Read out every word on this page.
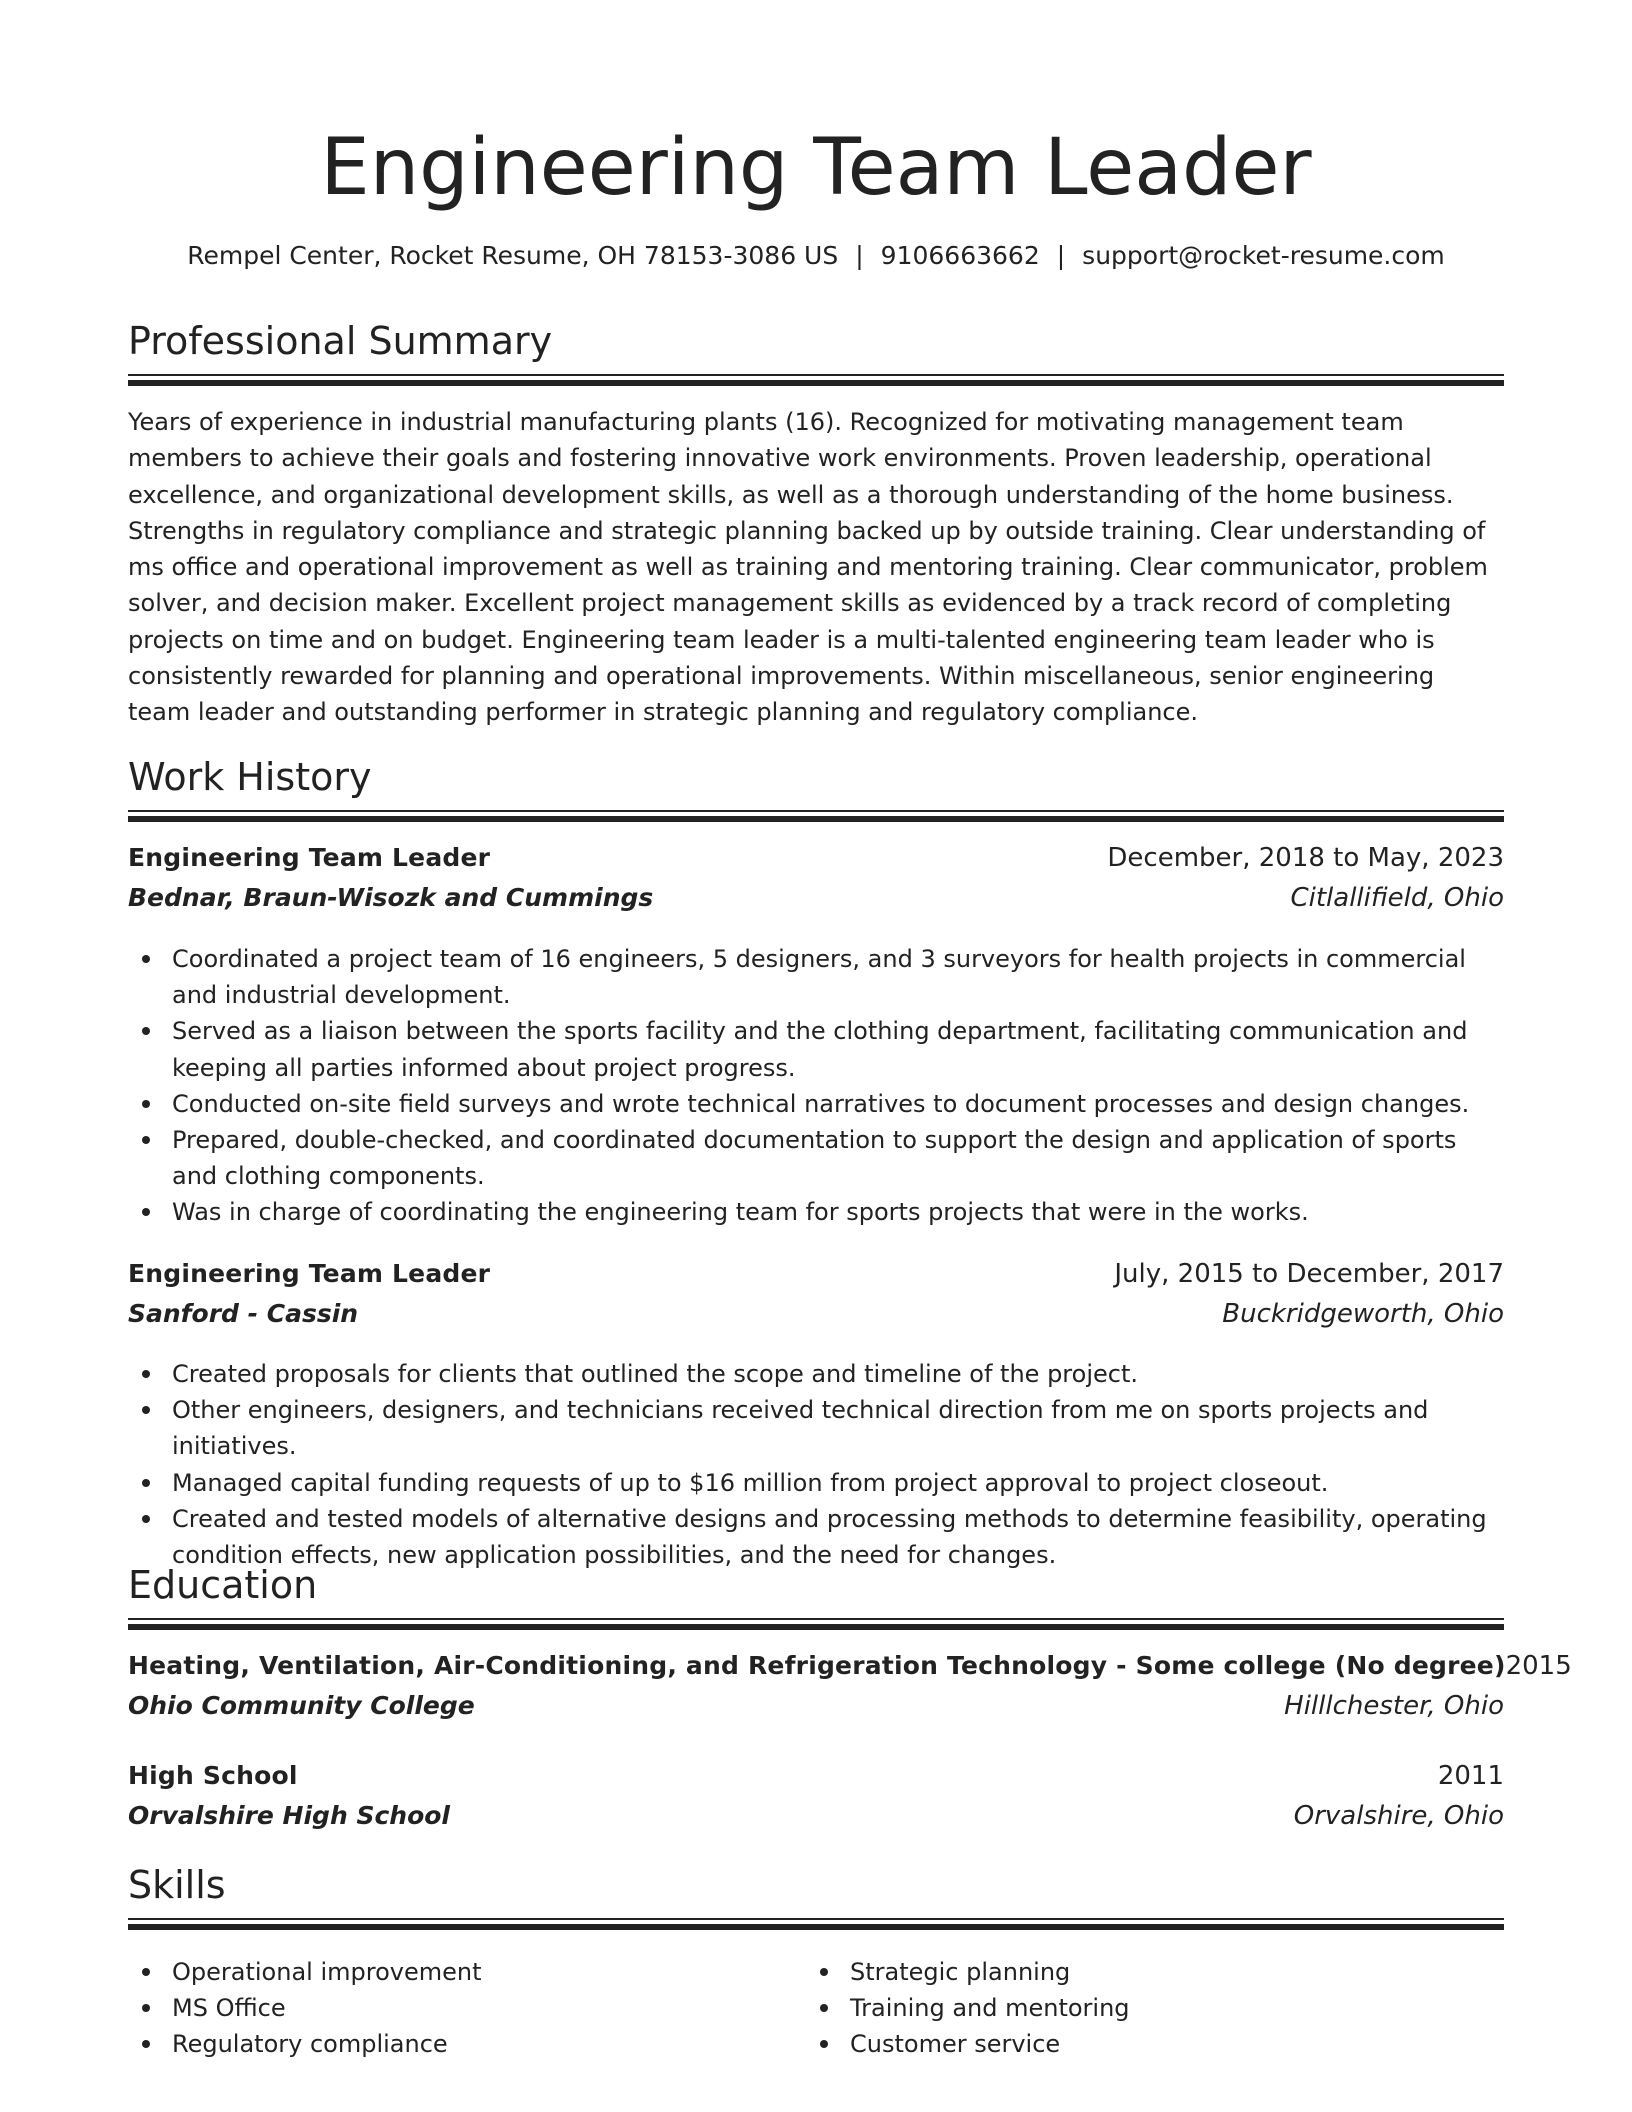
Engineering Team Leader
Rempel Center, Rocket Resume, OH 78153-3086 US | 9106663662 | support@rocket-resume.com
Professional Summary

Years of experience in industrial manufacturing plants (16). Recognized for motivating management team members to achieve their goals and fostering innovative work environments. Proven leadership, operational excellence, and organizational development skills, as well as a thorough understanding of the home business. Strengths in regulatory compliance and strategic planning backed up by outside training. Clear understanding of ms office and operational improvement as well as training and mentoring training. Clear communicator, problem solver, and decision maker. Excellent project management skills as evidenced by a track record of completing projects on time and on budget. Engineering team leader is a multi-talented engineering team leader who is consistently rewarded for planning and operational improvements. Within miscellaneous, senior engineering team leader and outstanding performer in strategic planning and regulatory compliance.

Work History
Engineering Team Leader	December, 2018 to May, 2023
Bednar, Braun-Wisozk and Cummings	Citlallifield, Ohio
Coordinated a project team of 16 engineers, 5 designers, and 3 surveyors for health projects in commercial and industrial development.
Served as a liaison between the sports facility and the clothing department, facilitating communication and keeping all parties informed about project progress.
Conducted on-site field surveys and wrote technical narratives to document processes and design changes.
Prepared, double-checked, and coordinated documentation to support the design and application of sports and clothing components.
Was in charge of coordinating the engineering team for sports projects that were in the works.
Engineering Team Leader	July, 2015 to December, 2017
Sanford - Cassin	Buckridgeworth, Ohio
Created proposals for clients that outlined the scope and timeline of the project.
Other engineers, designers, and technicians received technical direction from me on sports projects and initiatives.
Managed capital funding requests of up to $16 million from project approval to project closeout.
Created and tested models of alternative designs and processing methods to determine feasibility, operating condition effects, new application possibilities, and the need for changes.
Education
Heating, Ventilation, Air-Conditioning, and Refrigeration Technology - Some college (No degree) 2015
Ohio Community College	Hilllchester, Ohio
High School	2011
Orvalshire High School	Orvalshire, Ohio
Skills
Operational improvement
MS Office
Regulatory compliance
Strategic planning
Training and mentoring
Customer service
